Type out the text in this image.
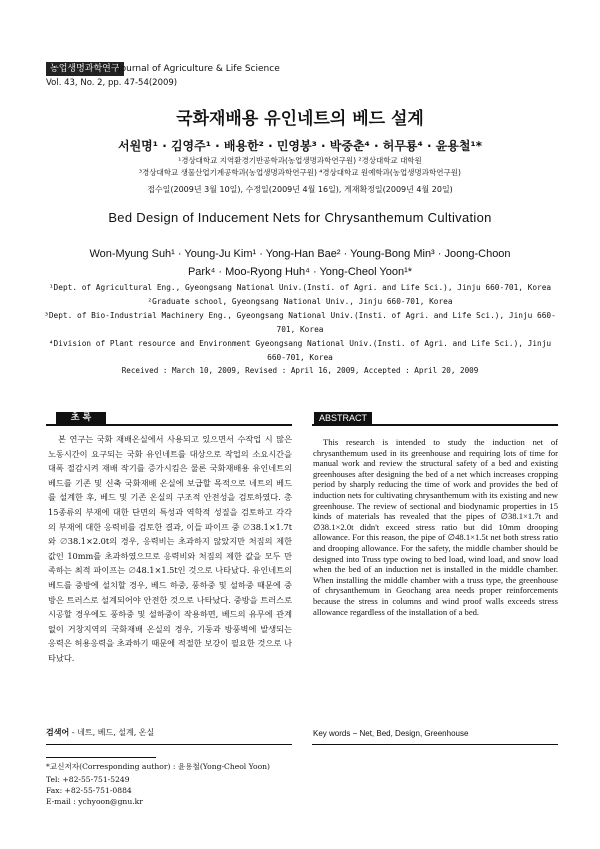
농업생명과학연구
Journal of Agriculture & Life Science
Vol. 43, No. 2, pp. 47-54(2009)
국화재배용 유인네트의 베드 설계
서원명¹ · 김영주¹ · 배용한² · 민영봉³ · 박중춘⁴ · 허무룡⁴ · 윤용철¹*
¹경상대학교 지역환경기반공학과(농업생명과학연구원) ²경상대학교 대학원
³경상대학교 생물산업기계공학과(농업생명과학연구원) ⁴경상대학교 원예학과(농업생명과학연구원)
접수일(2009년 3월 10일), 수정일(2009년 4월 16일), 게재확정일(2009년 4월 20일)
Bed Design of Inducement Nets for Chrysanthemum Cultivation
Won-Myung Suh¹ · Young-Ju Kim¹ · Yong-Han Bae² · Young-Bong Min³ · Joong-Choon
Park⁴ · Moo-Ryong Huh⁴ · Yong-Cheol Yoon¹*
¹Dept. of Agricultural Eng., Gyeongsang National Univ.(Insti. of Agri. and Life Sci.), Jinju 660-701, Korea
²Graduate school, Gyeongsang National Univ., Jinju 660-701, Korea
³Dept. of Bio-Industrial Machinery Eng., Gyeongsang National Univ.(Insti. of Agri. and Life Sci.), Jinju 660-701, Korea
⁴Division of Plant resource and Environment Gyeongsang National Univ.(Insti. of Agri. and Life Sci.), Jinju 660-701, Korea
Received : March 10, 2009, Revised : April 16, 2009, Accepted : April 20, 2009
초 록	ABSTRACT
본 연구는 국화 재배온실에서 사용되고 있으면서 수작업 시 많은 노동시간이 요구되는 국화 유인네트를 대상으로 작업의 소요시간을 대폭 절감시켜 재배 작기를 증가시킴은 물론 국화재배용 유인네트의 베드를 기존 및 신축 국화재배 온실에 보급할 목적으로 네트의 베드를 설계한 후, 베드 및 기존 온실의 구조적 안전성을 검토하였다. 총 15종류의 부재에 대한 단면의 특성과 역학적 성질을 검토하고 각각의 부재에 대한 응력비를 검토한 결과, 이들 파이프 중 ∅38.1×1.7t와 ∅38.1×2.0t의 경우, 응력비는 초과하지 않았지만 처짐의 제한 값인 10mm를 초과하였으므로 응력비와 처짐의 제한 값을 모두 만족하는 최적 파이프는 ∅48.1×1.5t인 것으로 나타났다. 유인네트의 베드를 중방에 설치할 경우, 베드 하중, 풍하중 및 설하중 때문에 중방은 트러스로 설계되어야 안전한 것으로 나타났다. 중방을 트러스로 시공할 경우에도 풍하중 및 설하중이 작용하면, 베드의 유무에 관계없이 거창지역의 국화재배 온실의 경우, 기둥과 방풍벽에 발생되는 응력은 허용응력을 초과하기 때문에 적절한 보강이 필요한 것으로 나타났다.
This research is intended to study the induction net of chrysanthemum used in its greenhouse and requiring lots of time for manual work and review the structural safety of a bed and existing greenhouses after designing the bed of a net which increases cropping period by sharply reducing the time of work and provides the bed of induction nets for cultivating chrysanthemum with its existing and new greenhouse. The review of sectional and biodynamic properties in 15 kinds of materials has revealed that the pipes of ∅38.1×1.7t and ∅38.1×2.0t didn't exceed stress ratio but did 10mm drooping allowance. For this reason, the pipe of ∅48.1×1.5t net both stress ratio and drooping allowance. For the safety, the middle chamber should be designed into Truss type owing to bed load, wind load, and snow load when the bed of an induction net is installed in the middle chamber. When installing the middle chamber with a truss type, the greenhouse of chrysanthemum in Geochang area needs proper reinforcements because the stress in columns and wind proof walls exceeds stress allowance regardless of the installation of a bed.
검색어 - 네트, 베드, 설계, 온실	Key words − Net, Bed, Design, Greenhouse
*교신저자(Corresponding author) : 윤용철(Yong-Cheol Yoon)
Tel: +82-55-751-5249
Fax: +82-55-751-0884
E-mail : ychyoon@gnu.kr
